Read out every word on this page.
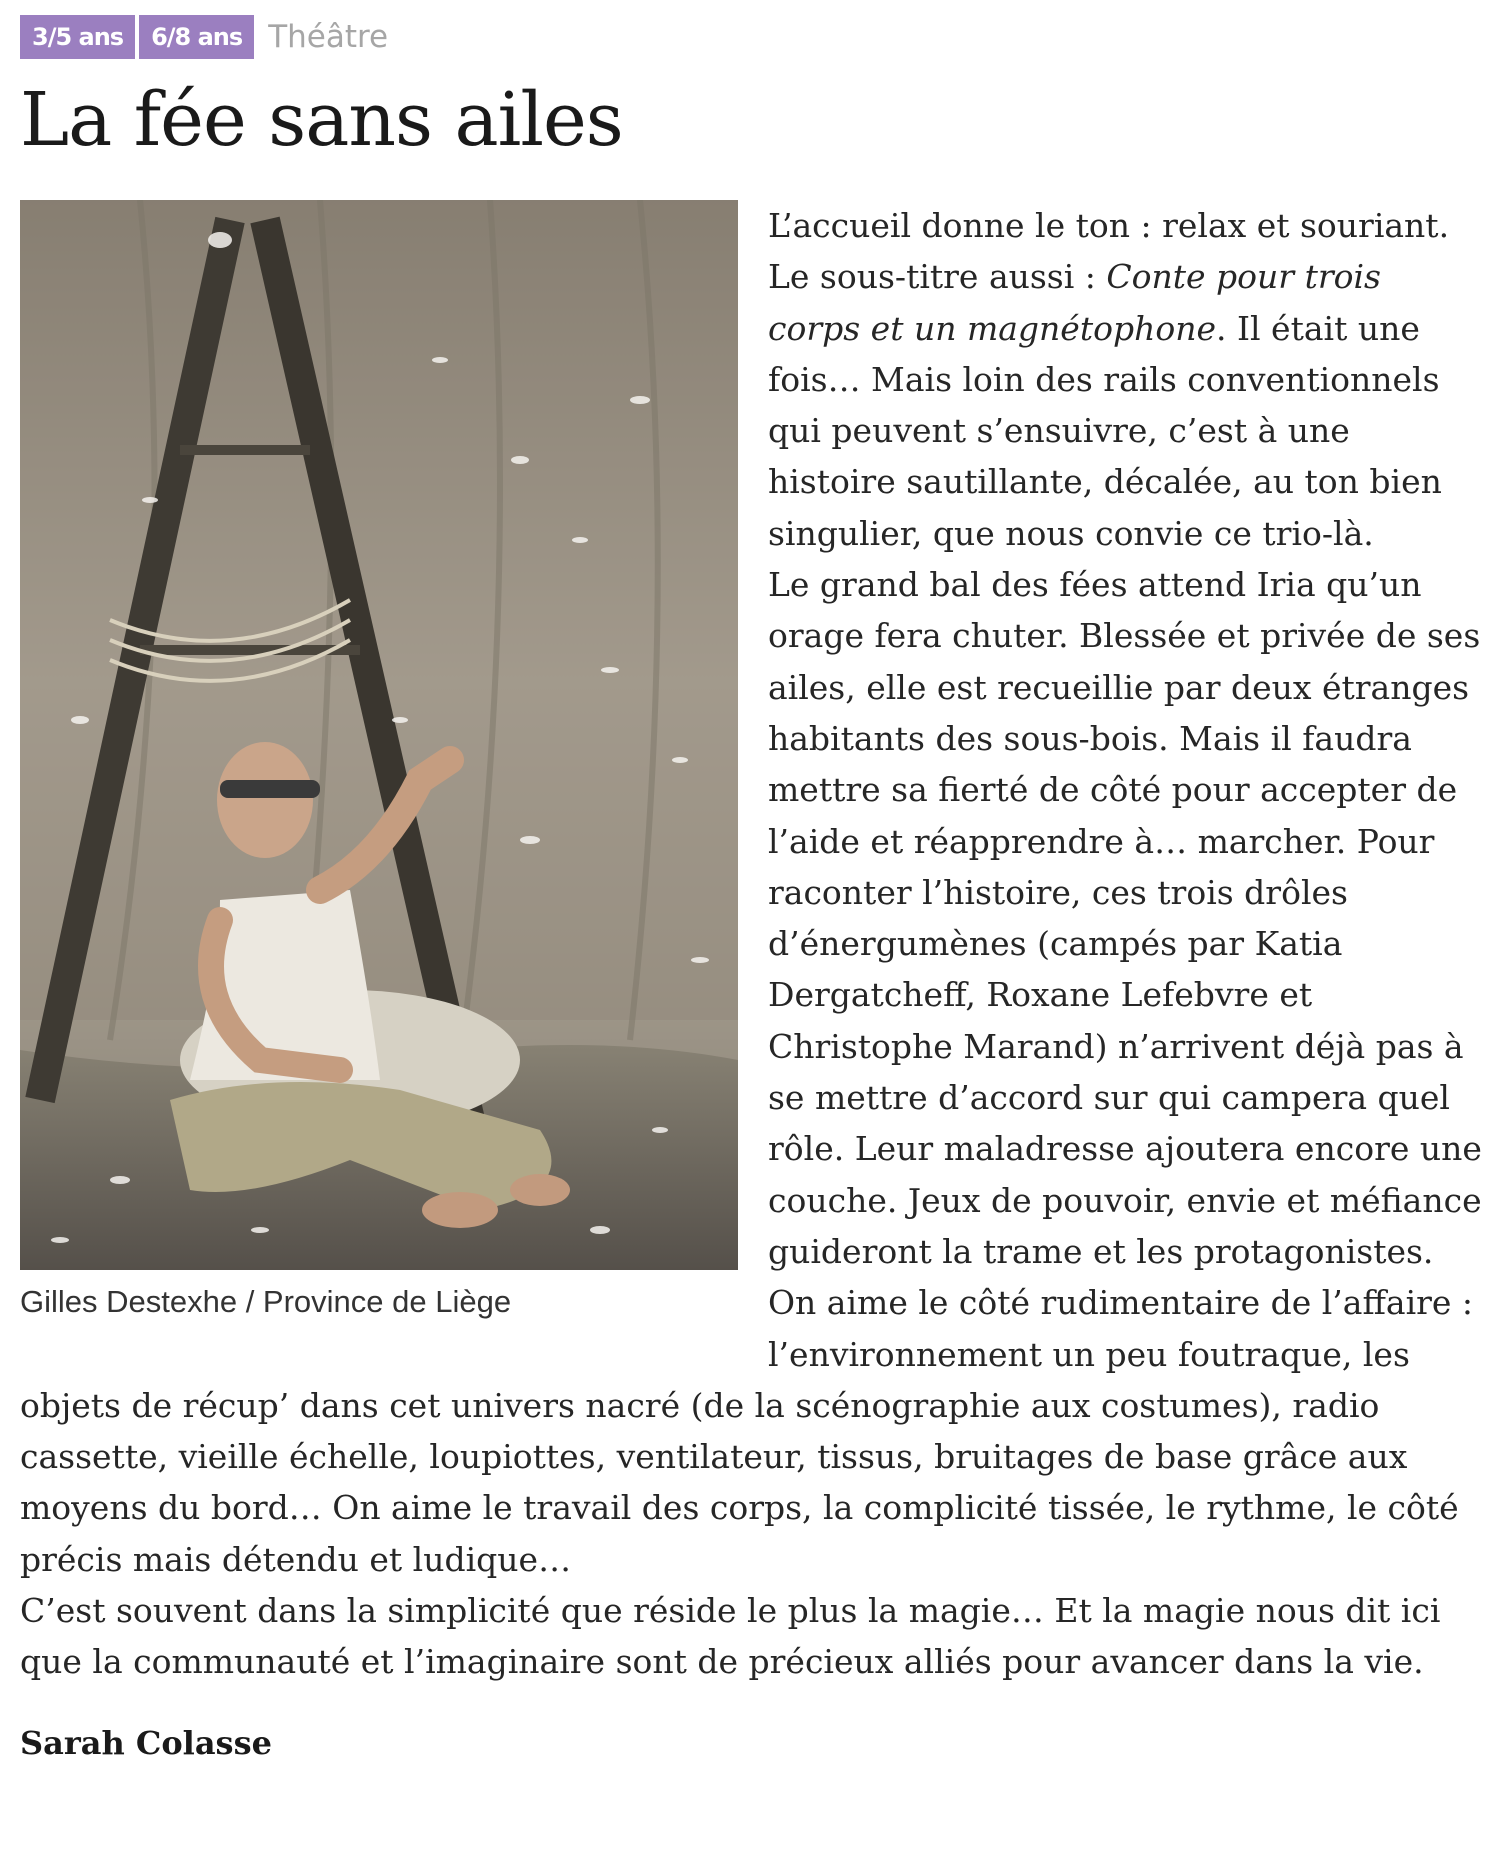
3/5 ans	6/8 ans Théâtre
La fée sans ailes
Gilles Destexhe / Province de Liège

L’accueil donne le ton : relax et souriant. Le sous-titre aussi : Conte pour trois corps et un magnétophone. Il était une fois… Mais loin des rails conventionnels qui peuvent s’ensuivre, c’est à une histoire sautillante, décalée, au ton bien singulier, que nous convie ce trio-là.

Le grand bal des fées attend Iria qu’un orage fera chuter. Blessée et privée de ses ailes, elle est recueillie par deux étranges habitants des sous-bois. Mais il faudra mettre sa fierté de côté pour accepter de l’aide et réapprendre à… marcher. Pour raconter l’histoire, ces trois drôles d’énergumènes (campés par Katia Dergatcheff, Roxane Lefebvre et Christophe Marand) n’arrivent déjà pas à se mettre d’accord sur qui campera quel rôle. Leur maladresse ajoutera encore une couche. Jeux de pouvoir, envie et méfiance guideront la trame et les protagonistes. On aime le côté rudimentaire de l’affaire : l’environnement un peu foutraque, les objets de récup’ dans cet univers nacré (de la scénographie aux costumes), radio cassette, vieille échelle, loupiottes, ventilateur, tissus, bruitages de base grâce aux moyens du bord… On aime le travail des corps, la complicité tissée, le rythme, le côté précis mais détendu et ludique…

C’est souvent dans la simplicité que réside le plus la magie… Et la magie nous dit ici que la communauté et l’imaginaire sont de précieux alliés pour avancer dans la vie.

Sarah Colasse
